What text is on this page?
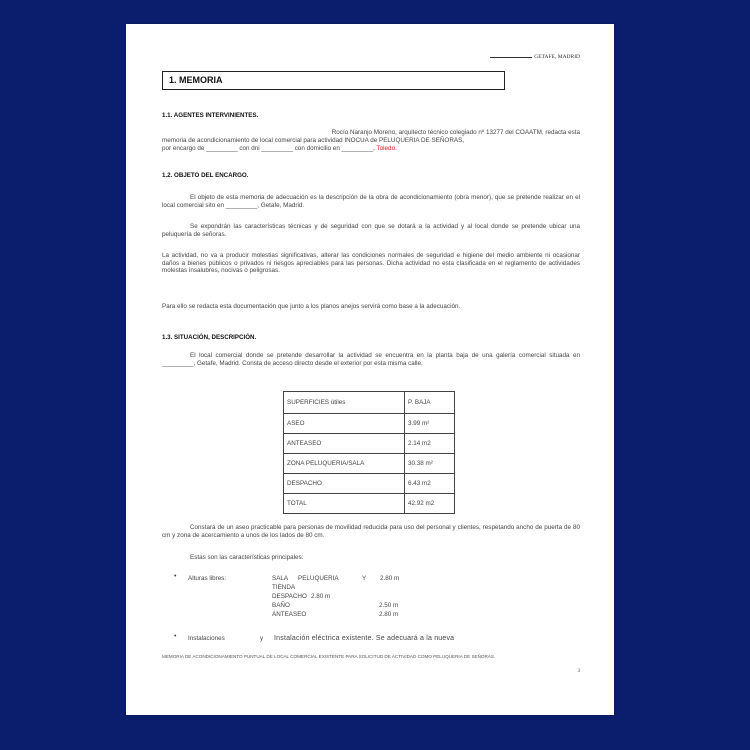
GETAFE, MADRID
1. MEMORIA
1.1. AGENTES INTERVINIENTES.
Rocío Naranjo Moreno, arquitecto técnico colegiado nº 13277 del COAATM, redacta esta
memoria de acondicionamiento de local comercial para actividad INOCUA de PELUQUERIA DE SEÑORAS,
por encargo de _________ con dni _________ con domicilio en _________, Toledo.
1.2. OBJETO DEL ENCARGO.
El objeto de esta memoria de adecuación es la descripción de la obra de acondicionamiento (obra menor), que se pretende realizar en el local comercial sito en _________, Getafe, Madrid.
Se expondrán las características técnicas y de seguridad con que se dotará a la actividad y al local donde se pretende ubicar una peluquería de señoras.
La actividad, no va a producir molestias significativas, alterar las condiciones normales de seguridad e higiene del medio ambiente ni ocasionar daños a bienes públicos o privados ni riesgos apreciables para las personas. Dicha actividad no esta clasificada en el reglamento de actividades molestas insalubres, nocivas o peligrosas.
Para ello se redacta esta documentación que junto a los planos anejos servirá como base a la adecuación.
1.3. SITUACIÓN, DESCRIPCIÓN.
El local comercial donde se pretende desarrollar la actividad se encuentra en la planta baja de una galería comercial situada en _________, Getafe, Madrid. Consta de acceso directo desde el exterior por esta misma calle.
SUPERFICIES útiles	P. BAJA
ASEO	3.99 m²
ANTEASEO	2.14 m2
ZONA PELUQUERIA/SALA	30.38 m²
DESPACHO	6.43 m2
TOTAL	42.92 m2
Constará de un aseo practicable para personas de movilidad reducida para uso del personal y clientes, respetando ancho de puerta de 80 cm y zona de acercamiento a unos de los lados de 80 cm.
Estas son las características principales:
• Alturas libres:	SALA PELUQUERIA	Y 2.80 m
TIENDA
DESPACHO 2.80 m
BAÑO	2.50 m
ANTEASEO	2.80 m
• Instalaciones	y Instalación eléctrica existente. Se adecuará a la nueva
MEMORIA DE ACONDICIONAMIENTO PUNTUAL DE LOCAL COMERCIAL EXISTENTE PARA SOLICITUD DE ACTIVIDAD COMO PELUQUERIA DE SEÑORAS.
3
